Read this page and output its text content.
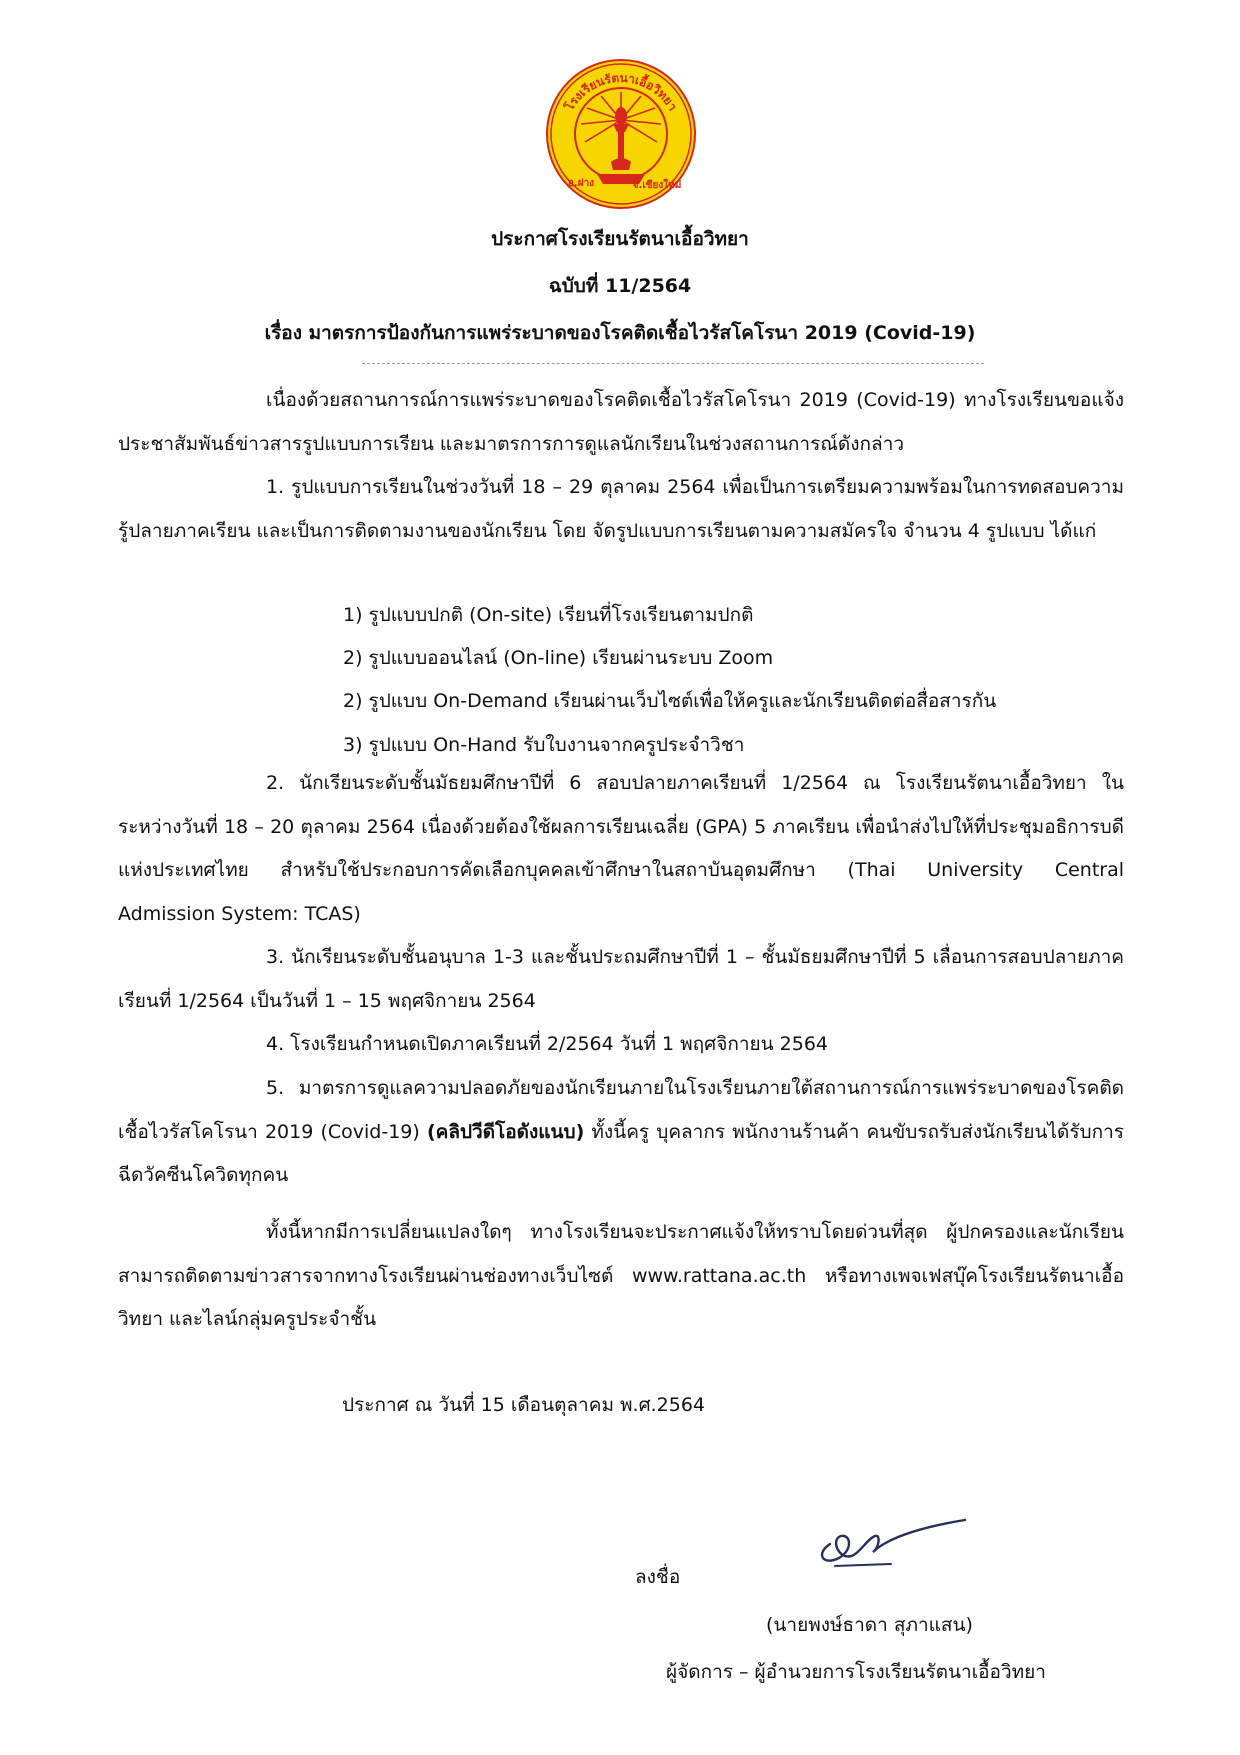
โรงเรียนรัตนาเอื้อวิทยา
อ.ฝาง	จ.เชียงใหม่
ประกาศโรงเรียนรัตนาเอื้อวิทยา
ฉบับที่ 11/2564
เรื่อง มาตรการป้องกันการแพร่ระบาดของโรคติดเชื้อไวรัสโคโรนา 2019 (Covid-19)

เนื่องด้วยสถานการณ์การแพร่ระบาดของโรคติดเชื้อไวรัสโคโรนา 2019 (Covid-19) ทางโรงเรียนขอแจ้งประชาสัมพันธ์ข่าวสารรูปแบบการเรียน และมาตรการการดูแลนักเรียนในช่วงสถานการณ์ดังกล่าว

1. รูปแบบการเรียนในช่วงวันที่ 18 – 29 ตุลาคม 2564 เพื่อเป็นการเตรียมความพร้อมในการทดสอบความรู้ปลายภาคเรียน และเป็นการติดตามงานของนักเรียน โดย จัดรูปแบบการเรียนตามความสมัครใจ จำนวน 4 รูปแบบ ได้แก่

1) รูปแบบปกติ (On-site) เรียนที่โรงเรียนตามปกติ
2) รูปแบบออนไลน์ (On-line) เรียนผ่านระบบ Zoom
2) รูปแบบ On-Demand เรียนผ่านเว็บไซต์เพื่อให้ครูและนักเรียนติดต่อสื่อสารกัน
3) รูปแบบ On-Hand รับใบงานจากครูประจำวิชา

2. นักเรียนระดับชั้นมัธยมศึกษาปีที่ 6 สอบปลายภาคเรียนที่ 1/2564 ณ โรงเรียนรัตนาเอื้อวิทยา ในระหว่างวันที่ 18 – 20 ตุลาคม 2564 เนื่องด้วยต้องใช้ผลการเรียนเฉลี่ย (GPA) 5 ภาคเรียน เพื่อนำส่งไปให้ที่ประชุมอธิการบดีแห่งประเทศไทย สำหรับใช้ประกอบการคัดเลือกบุคคลเข้าศึกษาในสถาบันอุดมศึกษา (Thai University Central Admission System: TCAS)

3. นักเรียนระดับชั้นอนุบาล 1-3 และชั้นประถมศึกษาปีที่ 1 – ชั้นมัธยมศึกษาปีที่ 5 เลื่อนการสอบปลายภาคเรียนที่ 1/2564 เป็นวันที่ 1 – 15 พฤศจิกายน 2564

4. โรงเรียนกำหนดเปิดภาคเรียนที่ 2/2564 วันที่ 1 พฤศจิกายน 2564

5. มาตรการดูแลความปลอดภัยของนักเรียนภายในโรงเรียนภายใต้สถานการณ์การแพร่ระบาดของโรคติดเชื้อไวรัสโคโรนา 2019 (Covid-19) (คลิปวีดีโอดังแนบ) ทั้งนี้ครู บุคลากร พนักงานร้านค้า คนขับรถรับส่งนักเรียนได้รับการฉีดวัคซีนโควิดทุกคน

ทั้งนี้หากมีการเปลี่ยนแปลงใดๆ ทางโรงเรียนจะประกาศแจ้งให้ทราบโดยด่วนที่สุด ผู้ปกครองและนักเรียนสามารถติดตามข่าวสารจากทางโรงเรียนผ่านช่องทางเว็บไซต์ www.rattana.ac.th หรือทางเพจเฟสบุ๊คโรงเรียนรัตนาเอื้อวิทยา และไลน์กลุ่มครูประจำชั้น

ประกาศ ณ วันที่ 15 เดือนตุลาคม พ.ศ.2564
ลงชื่อ
(นายพงษ์ธาดา สุภาแสน)
ผู้จัดการ – ผู้อำนวยการโรงเรียนรัตนาเอื้อวิทยา
